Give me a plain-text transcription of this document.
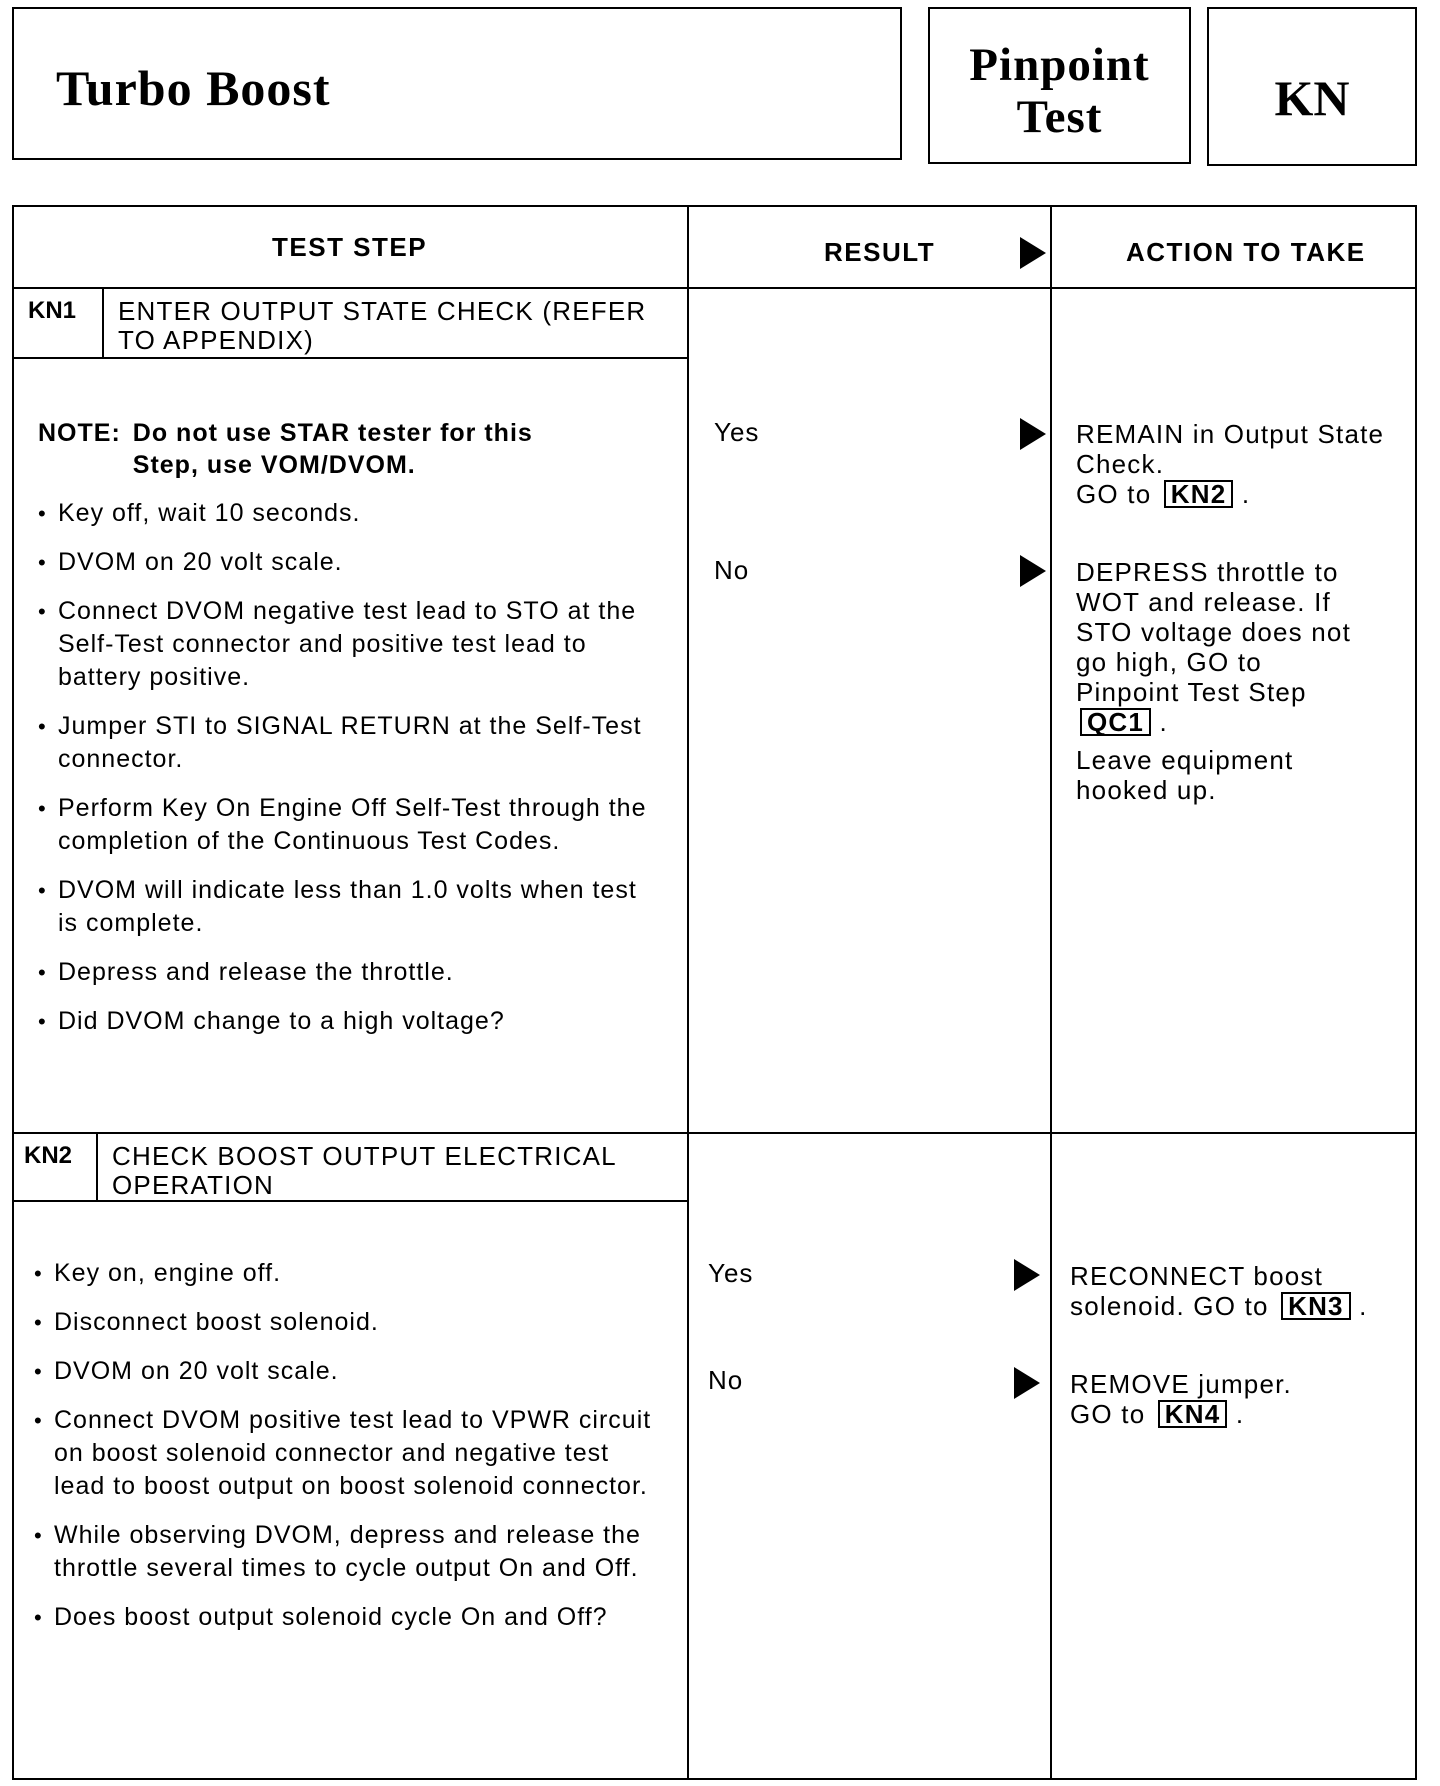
Turbo Boost	Pinpoint
Test	KN
TEST STEP	RESULT	ACTION TO TAKE
KN1 ENTER OUTPUT STATE CHECK (REFER TO APPENDIX)
NOTE: Do not use STAR tester for this Step, use VOM/DVOM.
• Key off, wait 10 seconds.
• DVOM on 20 volt scale.
• Connect DVOM negative test lead to STO at the Self-Test connector and positive test lead to battery positive.
• Jumper STI to SIGNAL RETURN at the Self-Test connector.
• Perform Key On Engine Off Self-Test through the completion of the Continuous Test Codes.
• DVOM will indicate less than 1.0 volts when test is complete.
• Depress and release the throttle.
• Did DVOM change to a high voltage?
Yes	REMAIN in Output State Check.

GO to KN2 .

No	DEPRESS throttle to WOT and release. If STO voltage does not go high, GO to Pinpoint Test Step QC1 .

Leave equipment hooked up.

KN2 CHECK BOOST OUTPUT ELECTRICAL OPERATION
• Key on, engine off.
• Disconnect boost solenoid.
• DVOM on 20 volt scale.
• Connect DVOM positive test lead to VPWR circuit on boost solenoid connector and negative test lead to boost output on boost solenoid connector.
• While observing DVOM, depress and release the throttle several times to cycle output On and Off.
• Does boost output solenoid cycle On and Off?
Yes	RECONNECT boost solenoid. GO to KN3 .

No	REMOVE jumper.

GO to KN4 .
